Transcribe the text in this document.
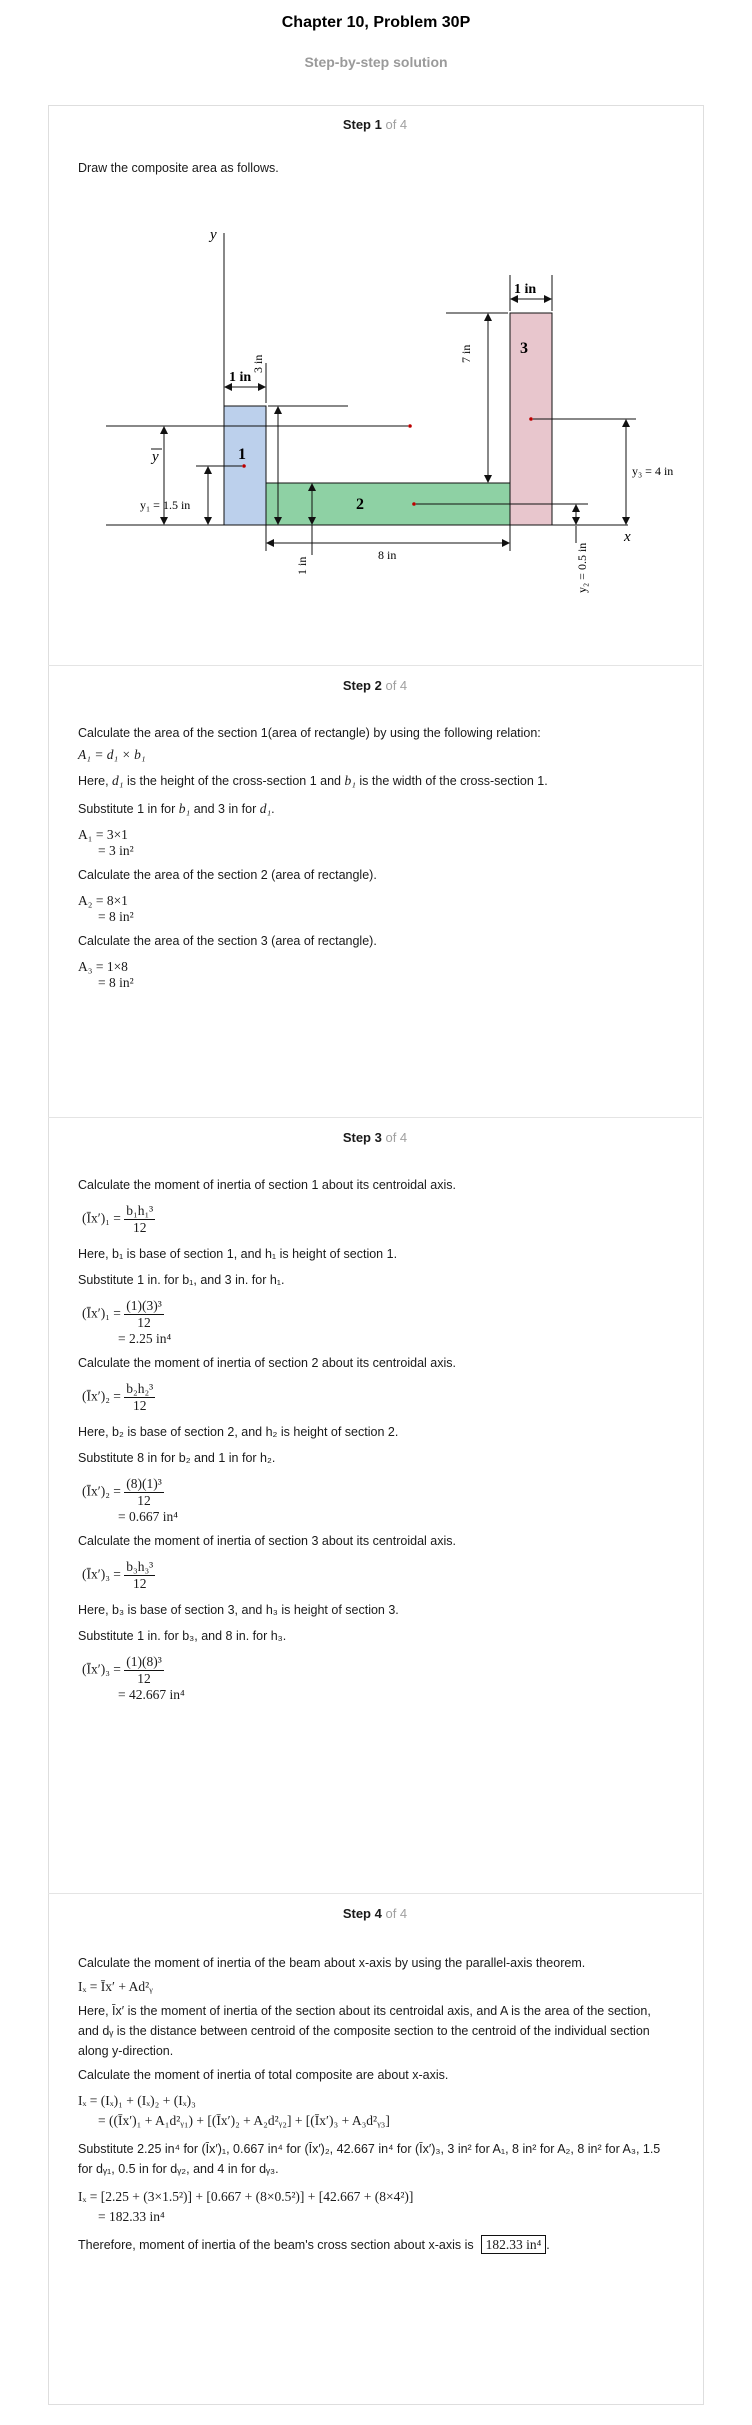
Chapter 10, Problem 30P
Step-by-step solution
Step 1 of 4

Draw the composite area as follows.

y
x
1
2
3
1 in
3 in
1 in
8 in
7 in
1 in
y₁ = 1.5 in
y
y₂ = 0.5 in
y₃ = 4 in
Step 2 of 4

Calculate the area of the section 1(area of rectangle) by using the following relation:

A₁ = d₁ × b₁

Here, d₁ is the height of the cross-section 1 and b₁ is the width of the cross-section 1.

Substitute 1 in for b₁ and 3 in for d₁.

A₁ = 3×1

= 3 in²

Calculate the area of the section 2 (area of rectangle).

A₂ = 8×1

= 8 in²

Calculate the area of the section 3 (area of rectangle).

A₃ = 1×8

= 8 in²

Step 3 of 4

Calculate the moment of inertia of section 1 about its centroidal axis.

(Īx′)₁ = $\frac{\text{b₁h₁³}}{12}$

Here, b₁ is base of section 1, and h₁ is height of section 1.

Substitute 1 in. for b₁, and 3 in. for h₁.

(Īx′)₁ = $\frac{\text{(1)(3)³}}{12}$

= 2.25 in⁴

Calculate the moment of inertia of section 2 about its centroidal axis.

(Īx′)₂ = $\frac{\text{b₂h₂³}}{12}$

Here, b₂ is base of section 2, and h₂ is height of section 2.

Substitute 8 in for b₂ and 1 in for h₂.

(Īx′)₂ = $\frac{\text{(8)(1)³}}{12}$

= 0.667 in⁴

Calculate the moment of inertia of section 3 about its centroidal axis.

(Īx′)₃ = $\frac{\text{b₃h₃³}}{12}$

Here, b₃ is base of section 3, and h₃ is height of section 3.

Substitute 1 in. for b₃, and 8 in. for h₃.

(Īx′)₃ = $\frac{\text{(1)(8)³}}{12}$

= 42.667 in⁴

Step 4 of 4

Calculate the moment of inertia of the beam about x-axis by using the parallel-axis theorem.

Iₓ = Īx′ + Ad²ᵧ

Here, Īx′ is the moment of inertia of the section about its centroidal axis, and A is the area of the section, and dᵧ is the distance between centroid of the composite section to the centroid of the individual section along y-direction.

Calculate the moment of inertia of total composite are about x-axis.

Iₓ = (Iₓ)₁ + (Iₓ)₂ + (Iₓ)₃

= ((Īx′)₁ + A₁d²ᵧ₁) + [(Īx′)₂ + A₂d²ᵧ₂] + [(Īx′)₃ + A₃d²ᵧ₃]

Substitute 2.25 in⁴ for (Īx′)₁, 0.667 in⁴ for (Īx′)₂, 42.667 in⁴ for (Īx′)₃, 3 in² for A₁, 8 in² for A₂, 8 in² for A₃, 1.5 for dᵧ₁, 0.5 in for dᵧ₂, and 4 in for dᵧ₃.

Iₓ = [2.25 + (3×1.5²)] + [0.667 + (8×0.5²)] + [42.667 + (8×4²)]

= 182.33 in⁴

Therefore, moment of inertia of the beam's cross section about x-axis is 182.33 in⁴ .
